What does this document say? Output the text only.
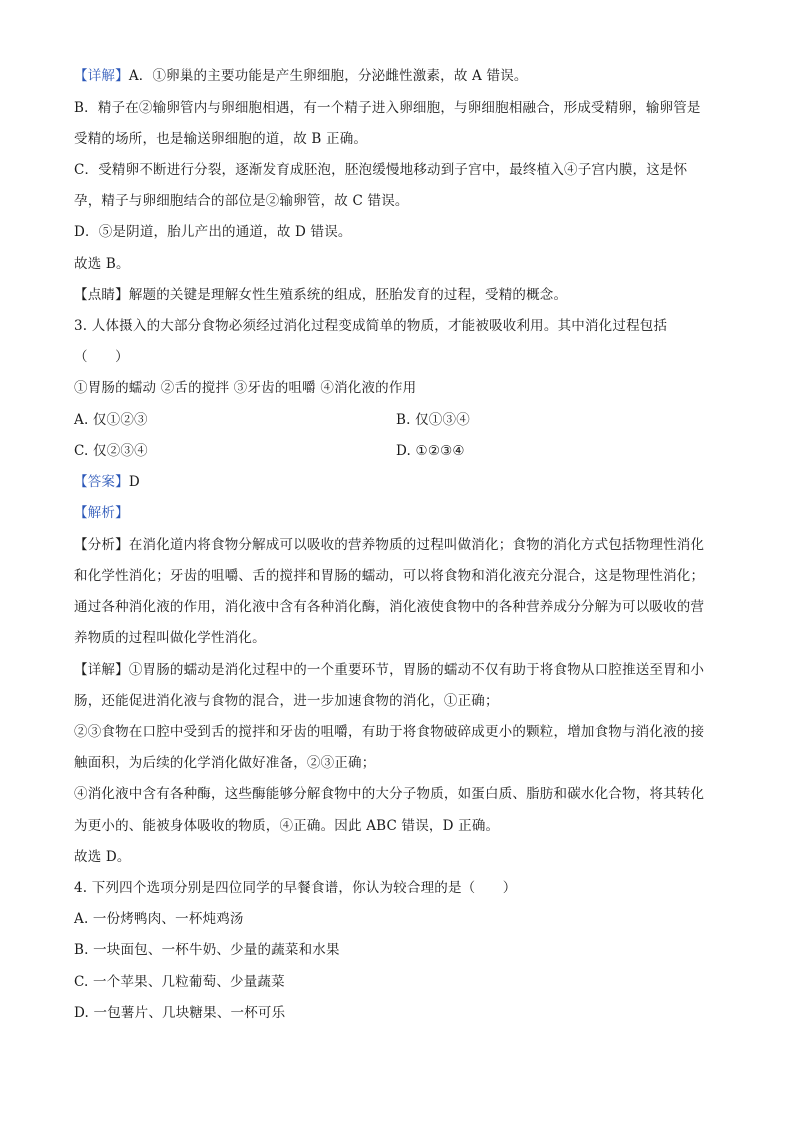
【详解】A．①卵巢的主要功能是产生卵细胞，分泌雌性激素，故 A 错误。
B．精子在②输卵管内与卵细胞相遇，有一个精子进入卵细胞，与卵细胞相融合，形成受精卵，输卵管是
受精的场所，也是输送卵细胞的道，故 B 正确。
C．受精卵不断进行分裂，逐渐发育成胚泡，胚泡缓慢地移动到子宫中，最终植入④子宫内膜，这是怀
孕，精子与卵细胞结合的部位是②输卵管，故 C 错误。
D．⑤是阴道，胎儿产出的通道，故 D 错误。
故选 B。
【点睛】解题的关键是理解女性生殖系统的组成，胚胎发育的过程，受精的概念。
3. 人体摄入的大部分食物必须经过消化过程变成简单的物质，才能被吸收利用。其中消化过程包括
（　　）
①胃肠的蠕动 ②舌的搅拌 ③牙齿的咀嚼 ④消化液的作用
A. 仅①②③	B. 仅①③④
C. 仅②③④	D. ①②③④
【答案】D
【解析】
【分析】在消化道内将食物分解成可以吸收的营养物质的过程叫做消化；食物的消化方式包括物理性消化
和化学性消化；牙齿的咀嚼、舌的搅拌和胃肠的蠕动，可以将食物和消化液充分混合，这是物理性消化；
通过各种消化液的作用，消化液中含有各种消化酶，消化液使食物中的各种营养成分分解为可以吸收的营
养物质的过程叫做化学性消化。
【详解】①胃肠的蠕动是消化过程中的一个重要环节，胃肠的蠕动不仅有助于将食物从口腔推送至胃和小
肠，还能促进消化液与食物的混合，进一步加速食物的消化，①正确；
②③食物在口腔中受到舌的搅拌和牙齿的咀嚼，有助于将食物破碎成更小的颗粒，增加食物与消化液的接
触面积，为后续的化学消化做好准备，②③正确；
④消化液中含有各种酶，这些酶能够分解食物中的大分子物质，如蛋白质、脂肪和碳水化合物，将其转化
为更小的、能被身体吸收的物质，④正确。因此 ABC 错误，D 正确。
故选 D。
4. 下列四个选项分别是四位同学的早餐食谱，你认为较合理的是（　　）
A. 一份烤鸭肉、一杯炖鸡汤
B. 一块面包、一杯牛奶、少量的蔬菜和水果
C. 一个苹果、几粒葡萄、少量蔬菜
D. 一包薯片、几块糖果、一杯可乐
